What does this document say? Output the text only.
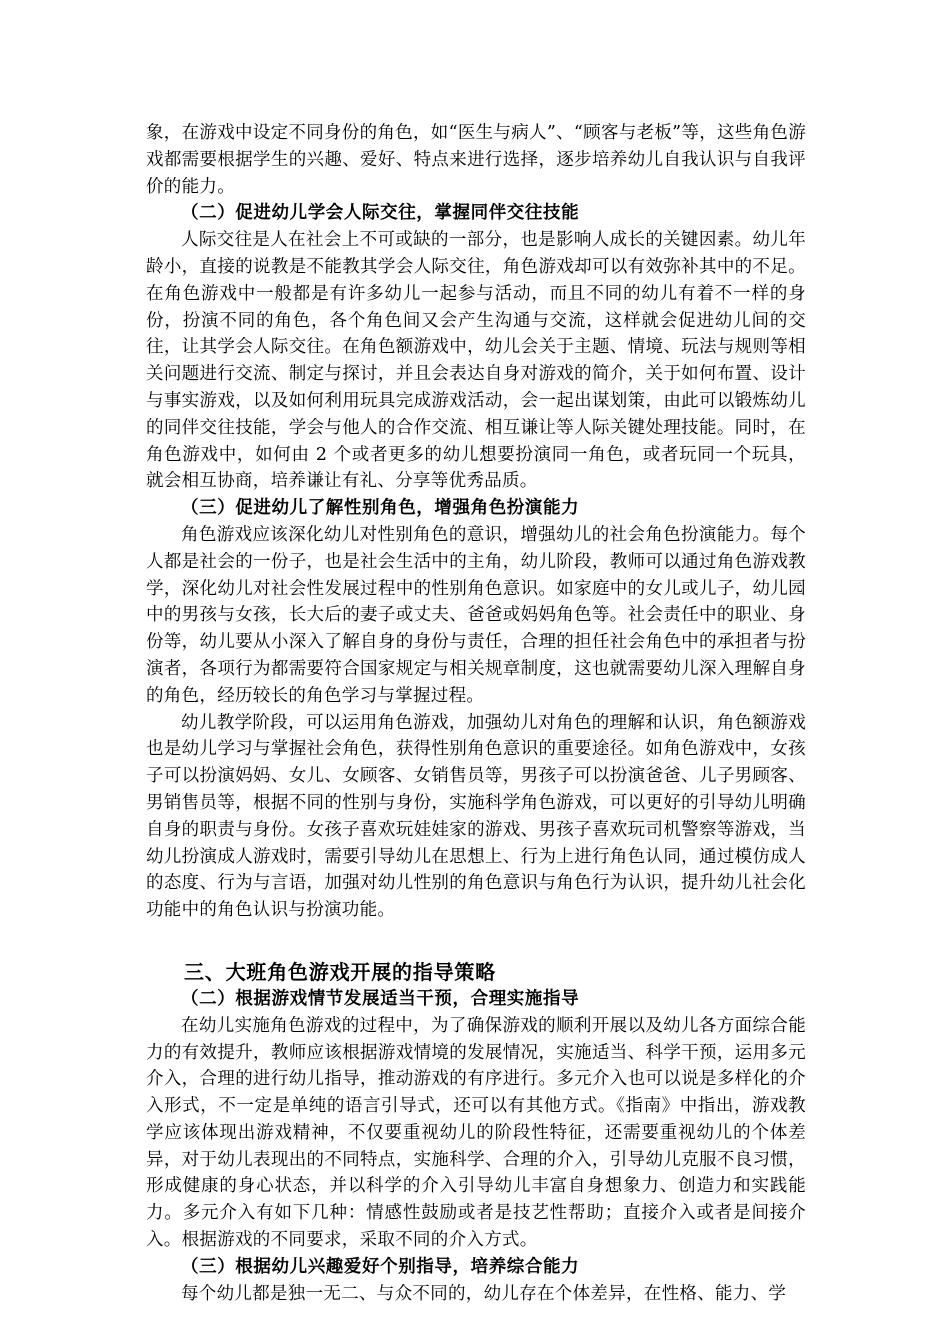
象，在游戏中设定不同身份的角色，如“医生与病人”、“顾客与老板”等，这些角色游戏都需要根据学生的兴趣、爱好、特点来进行选择，逐步培养幼儿自我认识与自我评价的能力。

（二）促进幼儿学会人际交往，掌握同伴交往技能

人际交往是人在社会上不可或缺的一部分，也是影响人成长的关键因素。幼儿年龄小，直接的说教是不能教其学会人际交往，角色游戏却可以有效弥补其中的不足。在角色游戏中一般都是有许多幼儿一起参与活动，而且不同的幼儿有着不一样的身份，扮演不同的角色，各个角色间又会产生沟通与交流，这样就会促进幼儿间的交往，让其学会人际交往。在角色额游戏中，幼儿会关于主题、情境、玩法与规则等相关问题进行交流、制定与探讨，并且会表达自身对游戏的简介，关于如何布置、设计与事实游戏，以及如何利用玩具完成游戏活动，会一起出谋划策，由此可以锻炼幼儿的同伴交往技能，学会与他人的合作交流、相互谦让等人际关键处理技能。同时，在角色游戏中，如何由 2 个或者更多的幼儿想要扮演同一角色，或者玩同一个玩具，就会相互协商，培养谦让有礼、分享等优秀品质。

（三）促进幼儿了解性别角色，增强角色扮演能力

角色游戏应该深化幼儿对性别角色的意识，增强幼儿的社会角色扮演能力。每个人都是社会的一份子，也是社会生活中的主角，幼儿阶段，教师可以通过角色游戏教学，深化幼儿对社会性发展过程中的性别角色意识。如家庭中的女儿或儿子，幼儿园中的男孩与女孩，长大后的妻子或丈夫、爸爸或妈妈角色等。社会责任中的职业、身份等，幼儿要从小深入了解自身的身份与责任，合理的担任社会角色中的承担者与扮演者，各项行为都需要符合国家规定与相关规章制度，这也就需要幼儿深入理解自身的角色，经历较长的角色学习与掌握过程。

幼儿教学阶段，可以运用角色游戏，加强幼儿对角色的理解和认识，角色额游戏也是幼儿学习与掌握社会角色，获得性别角色意识的重要途径。如角色游戏中，女孩子可以扮演妈妈、女儿、女顾客、女销售员等，男孩子可以扮演爸爸、儿子男顾客、男销售员等，根据不同的性别与身份，实施科学角色游戏，可以更好的引导幼儿明确自身的职责与身份。女孩子喜欢玩娃娃家的游戏、男孩子喜欢玩司机警察等游戏，当幼儿扮演成人游戏时，需要引导幼儿在思想上、行为上进行角色认同，通过模仿成人的态度、行为与言语，加强对幼儿性别的角色意识与角色行为认识，提升幼儿社会化功能中的角色认识与扮演功能。

三、大班角色游戏开展的指导策略

（二）根据游戏情节发展适当干预，合理实施指导

在幼儿实施角色游戏的过程中，为了确保游戏的顺利开展以及幼儿各方面综合能力的有效提升，教师应该根据游戏情境的发展情况，实施适当、科学干预，运用多元介入，合理的进行幼儿指导，推动游戏的有序进行。多元介入也可以说是多样化的介入形式，不一定是单纯的语言引导式，还可以有其他方式。《指南》中指出，游戏教学应该体现出游戏精神，不仅要重视幼儿的阶段性特征，还需要重视幼儿的个体差异，对于幼儿表现出的不同特点，实施科学、合理的介入，引导幼儿克服不良习惯，形成健康的身心状态，并以科学的介入引导幼儿丰富自身想象力、创造力和实践能力。多元介入有如下几种：情感性鼓励或者是技艺性帮助；直接介入或者是间接介入。根据游戏的不同要求，采取不同的介入方式。

（三）根据幼儿兴趣爱好个别指导，培养综合能力

每个幼儿都是独一无二、与众不同的，幼儿存在个体差异，在性格、能力、学
